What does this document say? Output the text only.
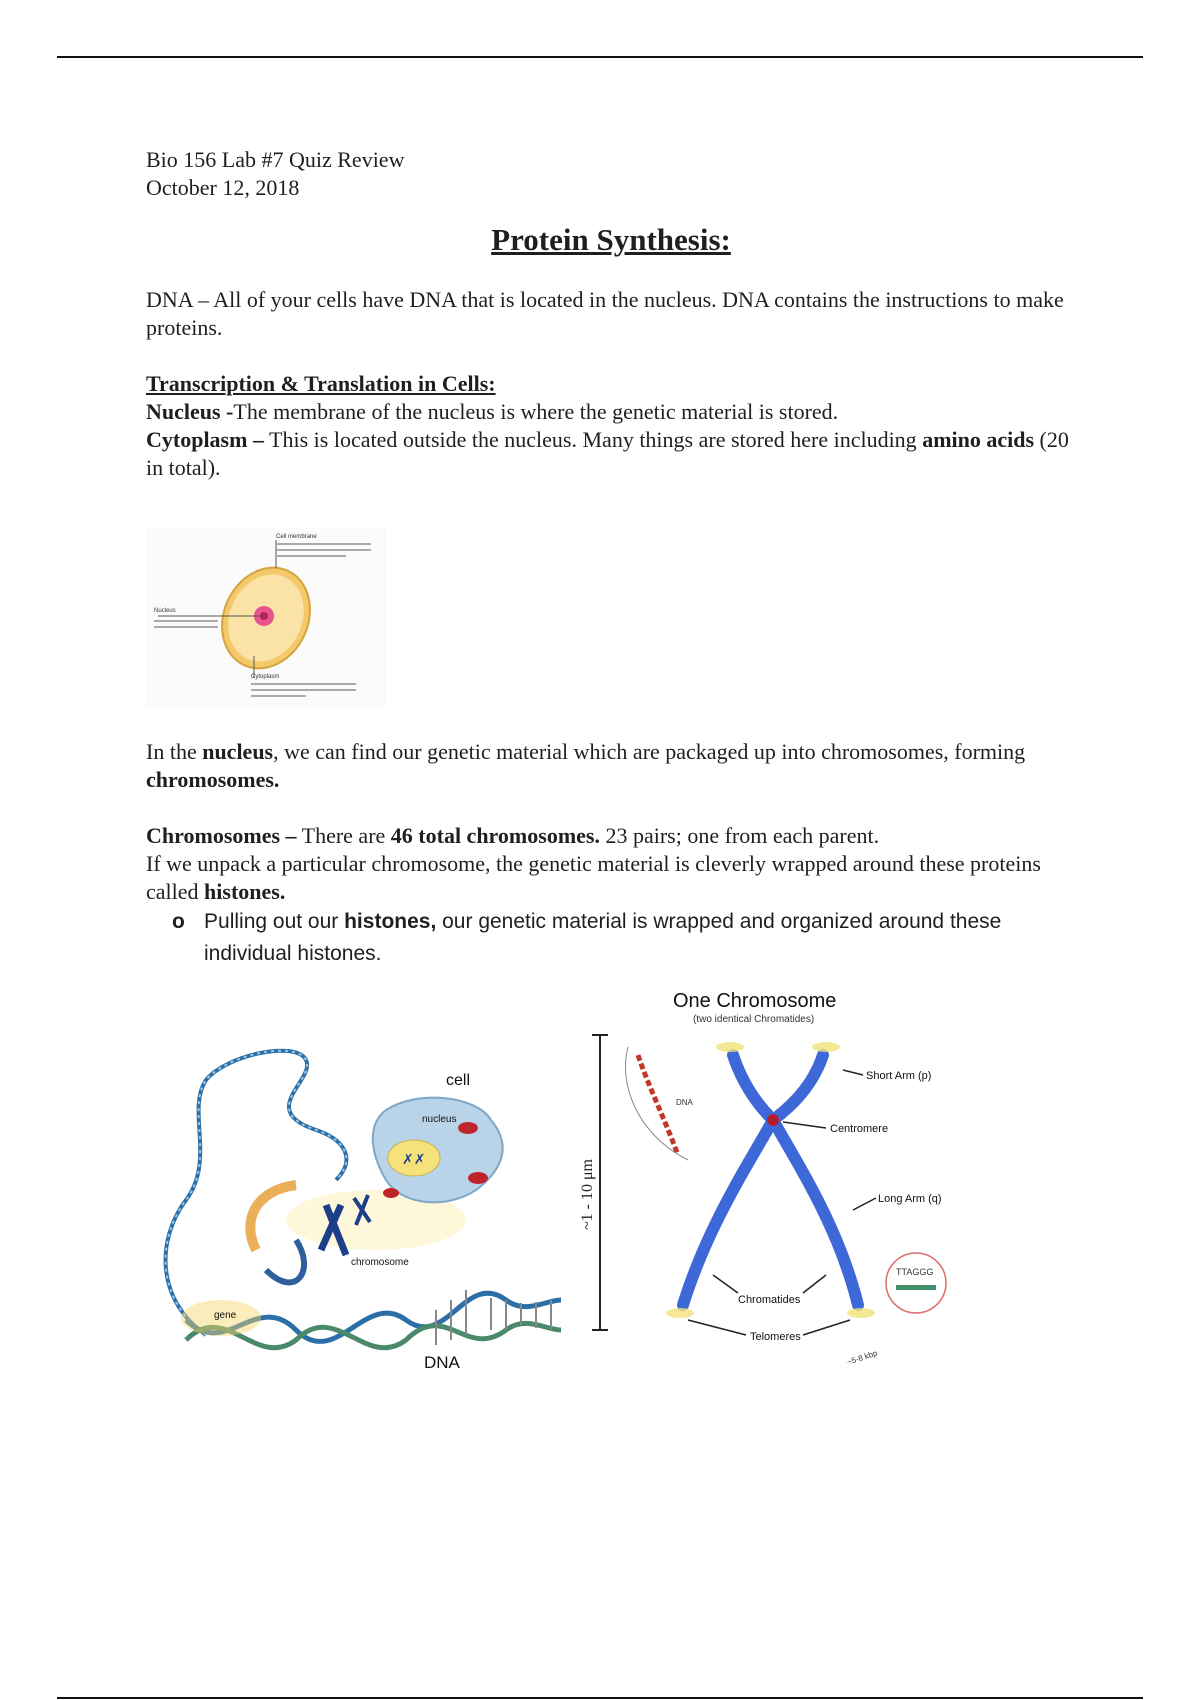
Bio 156 Lab #7 Quiz Review

October 12, 2018

Protein Synthesis:

DNA – All of your cells have DNA that is located in the nucleus. DNA contains the instructions to make proteins.

Transcription & Translation in Cells:

Nucleus -The membrane of the nucleus is where the genetic material is stored.

Cytoplasm – This is located outside the nucleus. Many things are stored here including amino acids (20 in total).

In the nucleus, we can find our genetic material which are packaged up into chromosomes, forming chromosomes.

Chromosomes – There are 46 total chromosomes. 23 pairs; one from each parent.

If we unpack a particular chromosome, the genetic material is cleverly wrapped around these proteins called histones.

o Pulling out our histones, our genetic material is wrapped and organized around these individual histones.
Cell membrane
Nucleus
Cytoplasm
✗✗
cell
nucleus
chromosome
gene
DNA
One Chromosome
(two identical Chromatides)
~1 - 10 μm
DNA
Short Arm (p)
Centromere
Long Arm (q)
Chromatides
Telomeres
TTAGGG
~5-8 kbp
